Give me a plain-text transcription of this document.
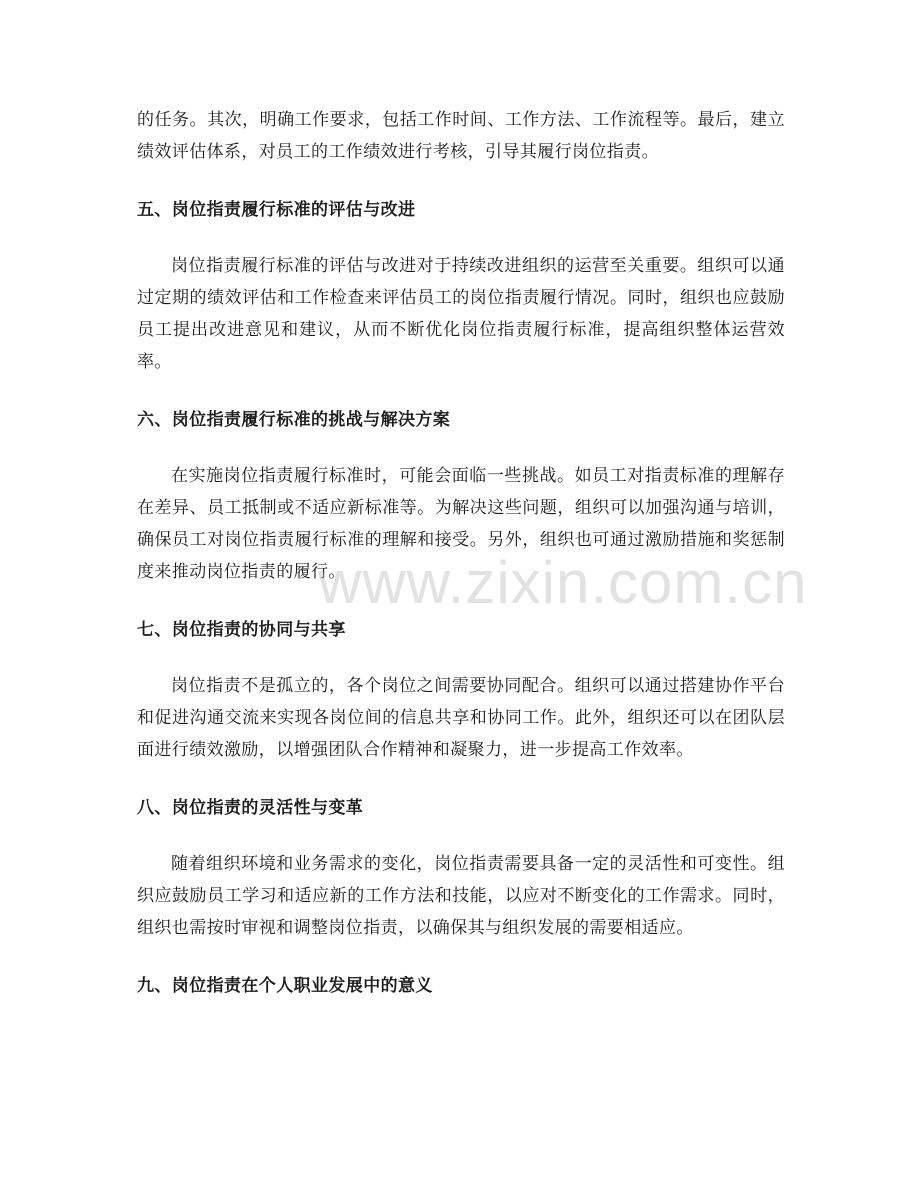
的任务。其次，明确工作要求，包括工作时间、工作方法、工作流程等。最后，建立绩效评估体系，对员工的工作绩效进行考核，引导其履行岗位指责。

五、岗位指责履行标准的评估与改进

岗位指责履行标准的评估与改进对于持续改进组织的运营至关重要。组织可以通过定期的绩效评估和工作检查来评估员工的岗位指责履行情况。同时，组织也应鼓励员工提出改进意见和建议，从而不断优化岗位指责履行标准，提高组织整体运营效率。

六、岗位指责履行标准的挑战与解决方案

在实施岗位指责履行标准时，可能会面临一些挑战。如员工对指责标准的理解存在差异、员工抵制或不适应新标准等。为解决这些问题，组织可以加强沟通与培训，确保员工对岗位指责履行标准的理解和接受。另外，组织也可通过激励措施和奖惩制度来推动岗位指责的履行。

七、岗位指责的协同与共享

岗位指责不是孤立的，各个岗位之间需要协同配合。组织可以通过搭建协作平台和促进沟通交流来实现各岗位间的信息共享和协同工作。此外，组织还可以在团队层面进行绩效激励，以增强团队合作精神和凝聚力，进一步提高工作效率。

八、岗位指责的灵活性与变革

随着组织环境和业务需求的变化，岗位指责需要具备一定的灵活性和可变性。组织应鼓励员工学习和适应新的工作方法和技能，以应对不断变化的工作需求。同时，组织也需按时审视和调整岗位指责，以确保其与组织发展的需要相适应。

九、岗位指责在个人职业发展中的意义
www.zixin.com.cn
